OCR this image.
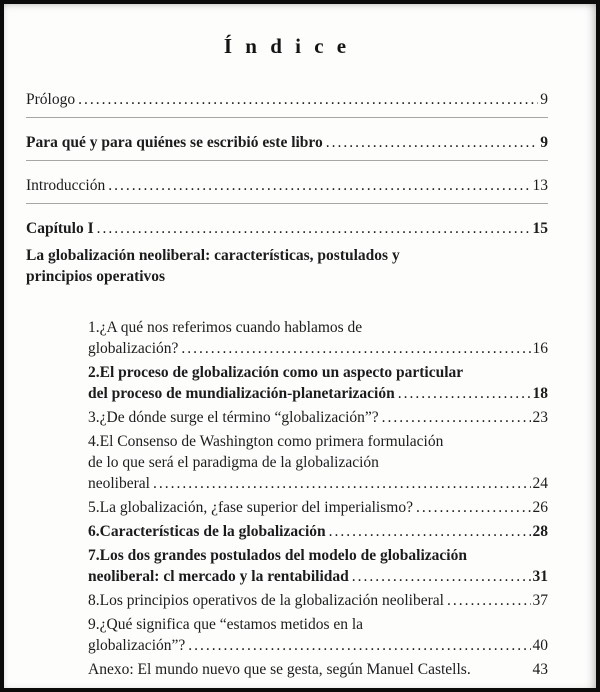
Í n d i c e
Prólogo .....	9
Para qué y para quiénes se escribió este libro .....	9
Introducción .....	13
Capítulo I .....	15
La globalización neoliberal: características, postulados y
principios operativos
1.¿A qué nos referimos cuando hablamos de
globalización? .....	16
2.El proceso de globalización como un aspecto particular
del proceso de mundialización-planetarización .....	18
3.¿De dónde surge el término “globalización”? .....	23
4.El Consenso de Washington como primera formulación
de lo que será el paradigma de la globalización
neoliberal .....	24
5.La globalización, ¿fase superior del imperialismo? .....	26
6.Características de la globalización .....	28
7.Los dos grandes postulados del modelo de globalización
neoliberal: cl mercado y la rentabilidad .....	31
8.Los principios operativos de la globalización neoliberal .....	37
9.¿Qué significa que “estamos metidos en la
globalización”? .....	40
Anexo: El mundo nuevo que se gesta, según Manuel Castells.	43
